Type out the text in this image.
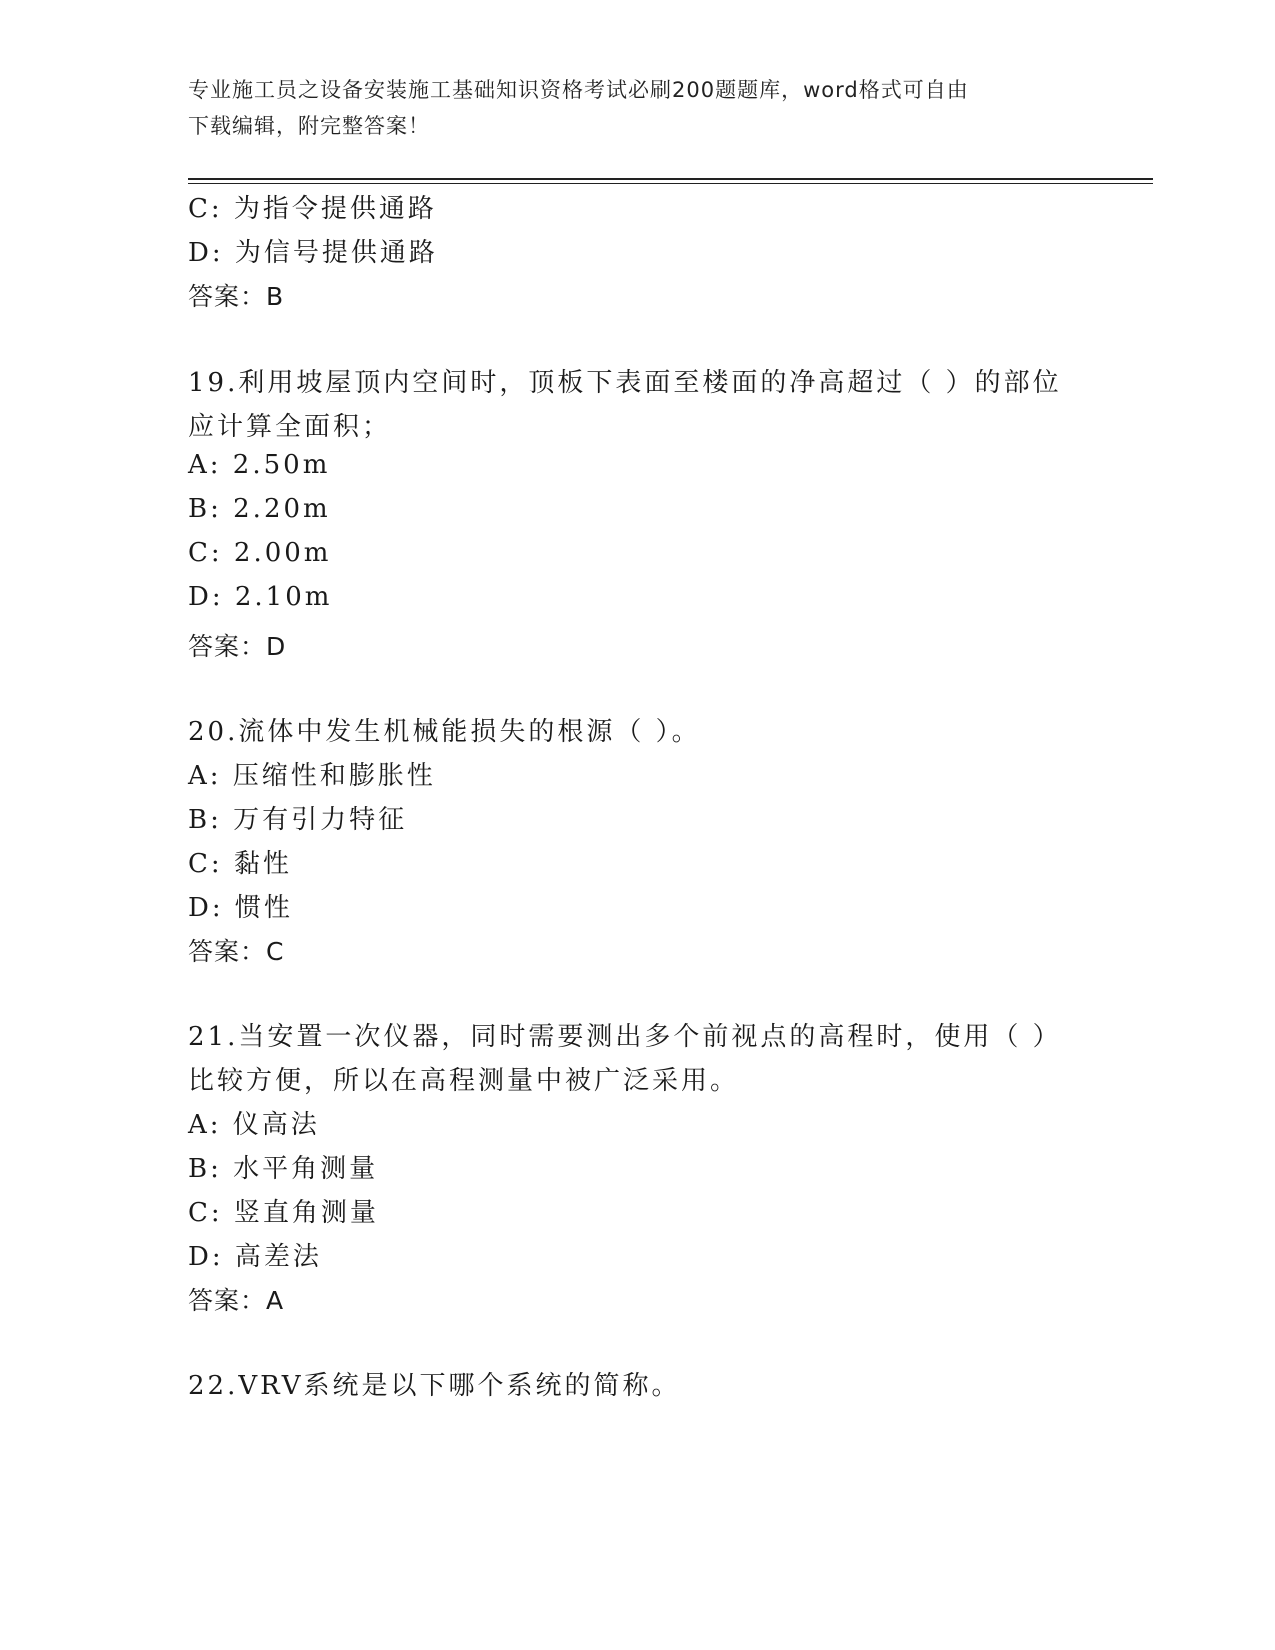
专业施工员之设备安装施工基础知识资格考试必刷200题题库，word格式可自由
下载编辑，附完整答案！
C: 为指令提供通路
D: 为信号提供通路
答案：B
19.利用坡屋顶内空间时，顶板下表面至楼面的净高超过（ ）的部位
应计算全面积；
A: 2.50m
B: 2.20m
C: 2.00m
D: 2.10m
答案：D
20.流体中发生机械能损失的根源（ ）。
A: 压缩性和膨胀性
B: 万有引力特征
C: 黏性
D: 惯性
答案：C
21.当安置一次仪器，同时需要测出多个前视点的高程时，使用（ ）
比较方便，所以在高程测量中被广泛采用。
A: 仪高法
B: 水平角测量
C: 竖直角测量
D: 高差法
答案：A
22.VRV系统是以下哪个系统的简称。
